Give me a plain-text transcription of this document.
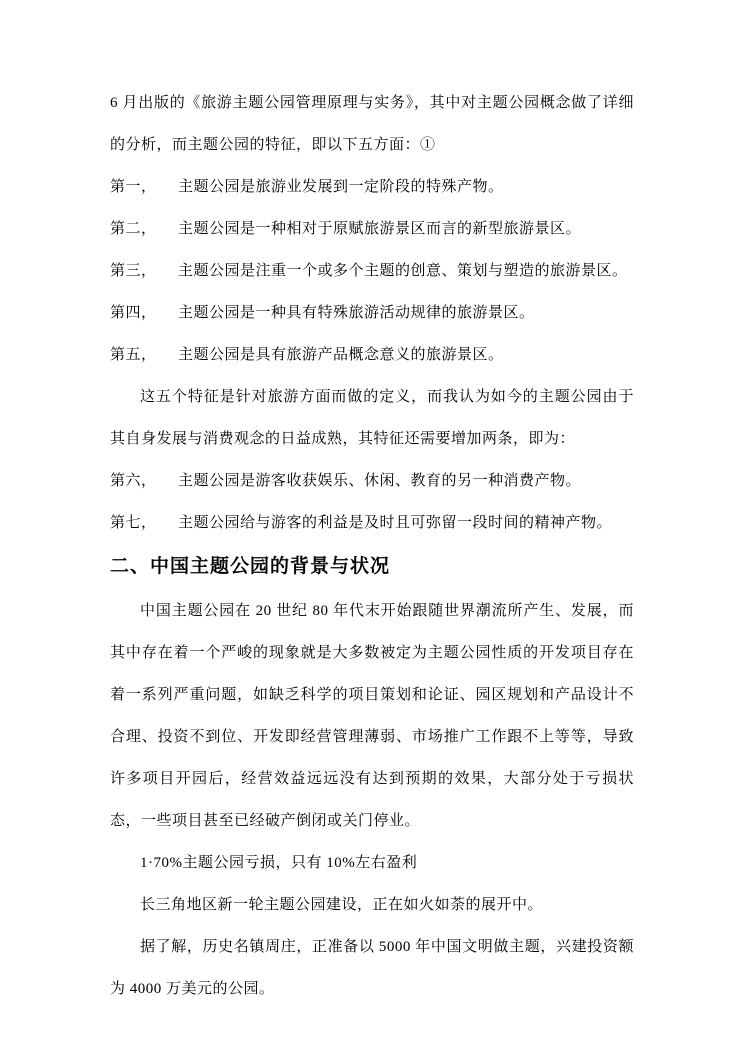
6 月出版的《旅游主题公园管理原理与实务》，其中对主题公园概念做了详细的分析，而主题公园的特征，即以下五方面：①

第一，	主题公园是旅游业发展到一定阶段的特殊产物。
第二，	主题公园是一种相对于原赋旅游景区而言的新型旅游景区。
第三，	主题公园是注重一个或多个主题的创意、策划与塑造的旅游景区。
第四，	主题公园是一种具有特殊旅游活动规律的旅游景区。
第五，	主题公园是具有旅游产品概念意义的旅游景区。

这五个特征是针对旅游方面而做的定义，而我认为如今的主题公园由于其自身发展与消费观念的日益成熟，其特征还需要增加两条，即为：

第六，	主题公园是游客收获娱乐、休闲、教育的另一种消费产物。
第七，	主题公园给与游客的利益是及时且可弥留一段时间的精神产物。
二、中国主题公园的背景与状况

中国主题公园在 20 世纪 80 年代末开始跟随世界潮流所产生、发展，而其中存在着一个严峻的现象就是大多数被定为主题公园性质的开发项目存在着一系列严重问题，如缺乏科学的项目策划和论证、园区规划和产品设计不合理、投资不到位、开发即经营管理薄弱、市场推广工作跟不上等等，导致许多项目开园后，经营效益远远没有达到预期的效果，大部分处于亏损状态，一些项目甚至已经破产倒闭或关门停业。

1·70%主题公园亏损，只有 10%左右盈利

长三角地区新一轮主题公园建设，正在如火如荼的展开中。

据了解，历史名镇周庄，正准备以 5000 年中国文明做主题，兴建投资额为 4000 万美元的公园。
